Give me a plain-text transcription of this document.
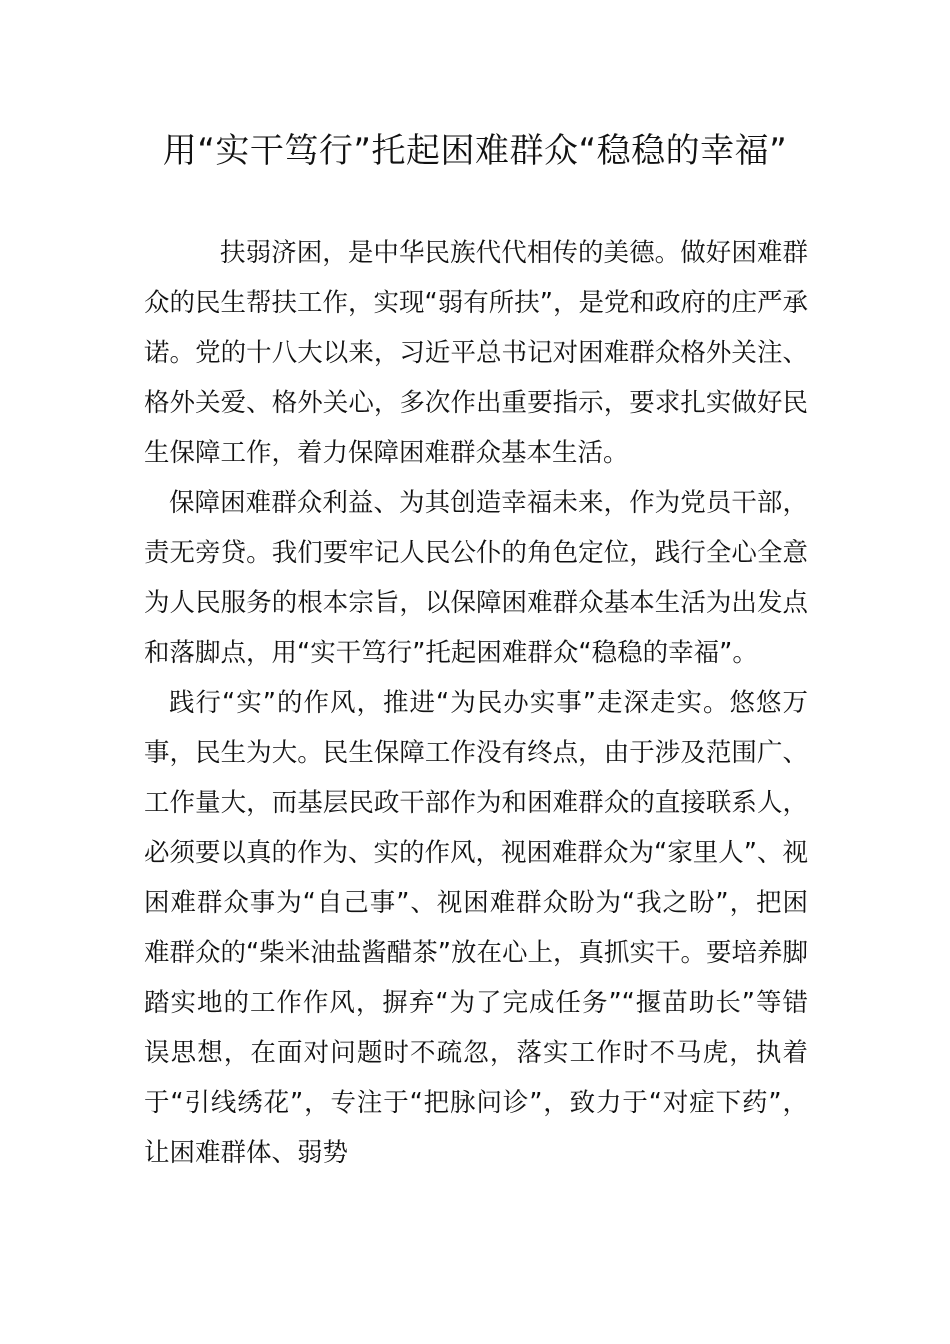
用“实干笃行”托起困难群众“稳稳的幸福”

扶弱济困，是中华民族代代相传的美德。做好困难群众的民生帮扶工作，实现“弱有所扶”，是党和政府的庄严承诺。党的十八大以来，习近平总书记对困难群众格外关注、格外关爱、格外关心，多次作出重要指示，要求扎实做好民生保障工作，着力保障困难群众基本生活。

保障困难群众利益、为其创造幸福未来，作为党员干部，责无旁贷。我们要牢记人民公仆的角色定位，践行全心全意为人民服务的根本宗旨，以保障困难群众基本生活为出发点和落脚点，用“实干笃行”托起困难群众“稳稳的幸福”。

践行“实”的作风，推进“为民办实事”走深走实。悠悠万事，民生为大。民生保障工作没有终点，由于涉及范围广、工作量大，而基层民政干部作为和困难群众的直接联系人，必须要以真的作为、实的作风，视困难群众为“家里人”、视困难群众事为“自己事”、视困难群众盼为“我之盼”，把困难群众的“柴米油盐酱醋茶”放在心上，真抓实干。要培养脚踏实地的工作作风，摒弃“为了完成任务”“揠苗助长”等错误思想，在面对问题时不疏忽，落实工作时不马虎，执着于“引线绣花”，专注于“把脉问诊”，致力于“对症下药”，让困难群体、弱势
